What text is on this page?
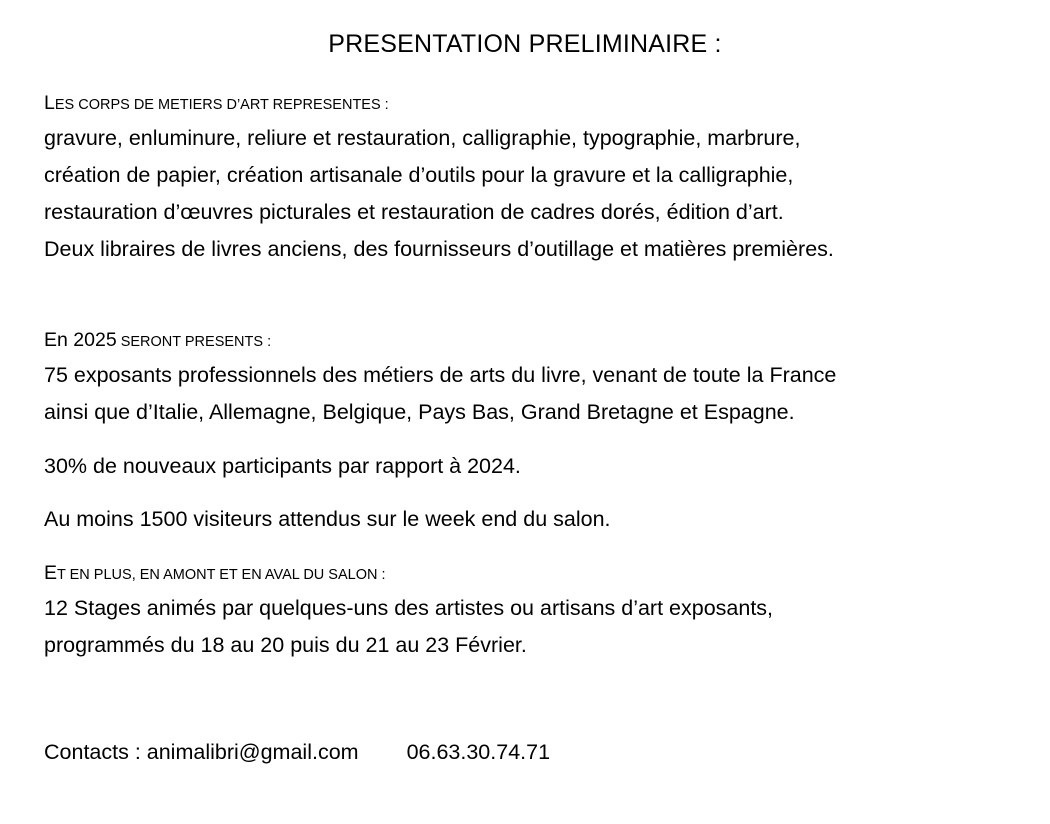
PRESENTATION PRELIMINAIRE :
LES CORPS DE METIERS D’ART REPRESENTES :
gravure, enluminure, reliure et restauration, calligraphie, typographie, marbrure,
création de papier, création artisanale d’outils pour la gravure et la calligraphie,
restauration d’œuvres picturales et restauration de cadres dorés, édition d’art.
Deux libraires de livres anciens, des fournisseurs d’outillage et matières premières.
En 2025 SERONT PRESENTS :
75 exposants professionnels des métiers de arts du livre, venant de toute la France
ainsi que d’Italie, Allemagne, Belgique, Pays Bas, Grand Bretagne et Espagne.
30% de nouveaux participants par rapport à 2024.
Au moins 1500 visiteurs attendus sur le week end du salon.
ET EN PLUS, EN AMONT ET EN AVAL DU SALON :
12 Stages animés par quelques-uns des artistes ou artisans d’art exposants,
programmés du 18 au 20 puis du 21 au 23 Février.
Contacts : animalibri@gmail.com 06.63.30.74.71
